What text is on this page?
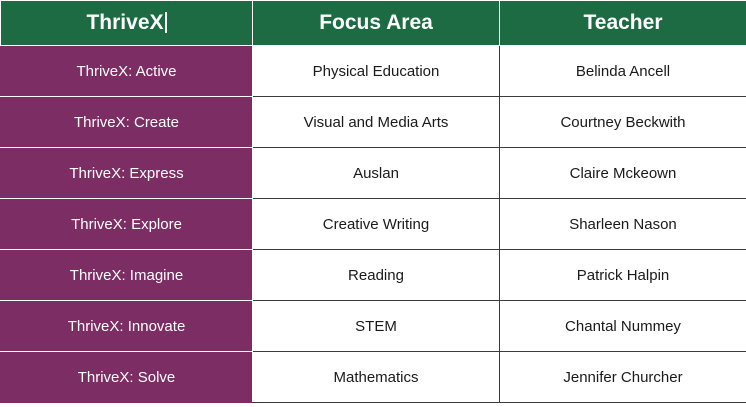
ThriveX	Focus Area	Teacher
ThriveX: Active	Physical Education	Belinda Ancell
ThriveX: Create	Visual and Media Arts	Courtney Beckwith
ThriveX: Express	Auslan	Claire Mckeown
ThriveX: Explore	Creative Writing	Sharleen Nason
ThriveX: Imagine	Reading	Patrick Halpin
ThriveX: Innovate	STEM	Chantal Nummey
ThriveX: Solve	Mathematics	Jennifer Churcher
